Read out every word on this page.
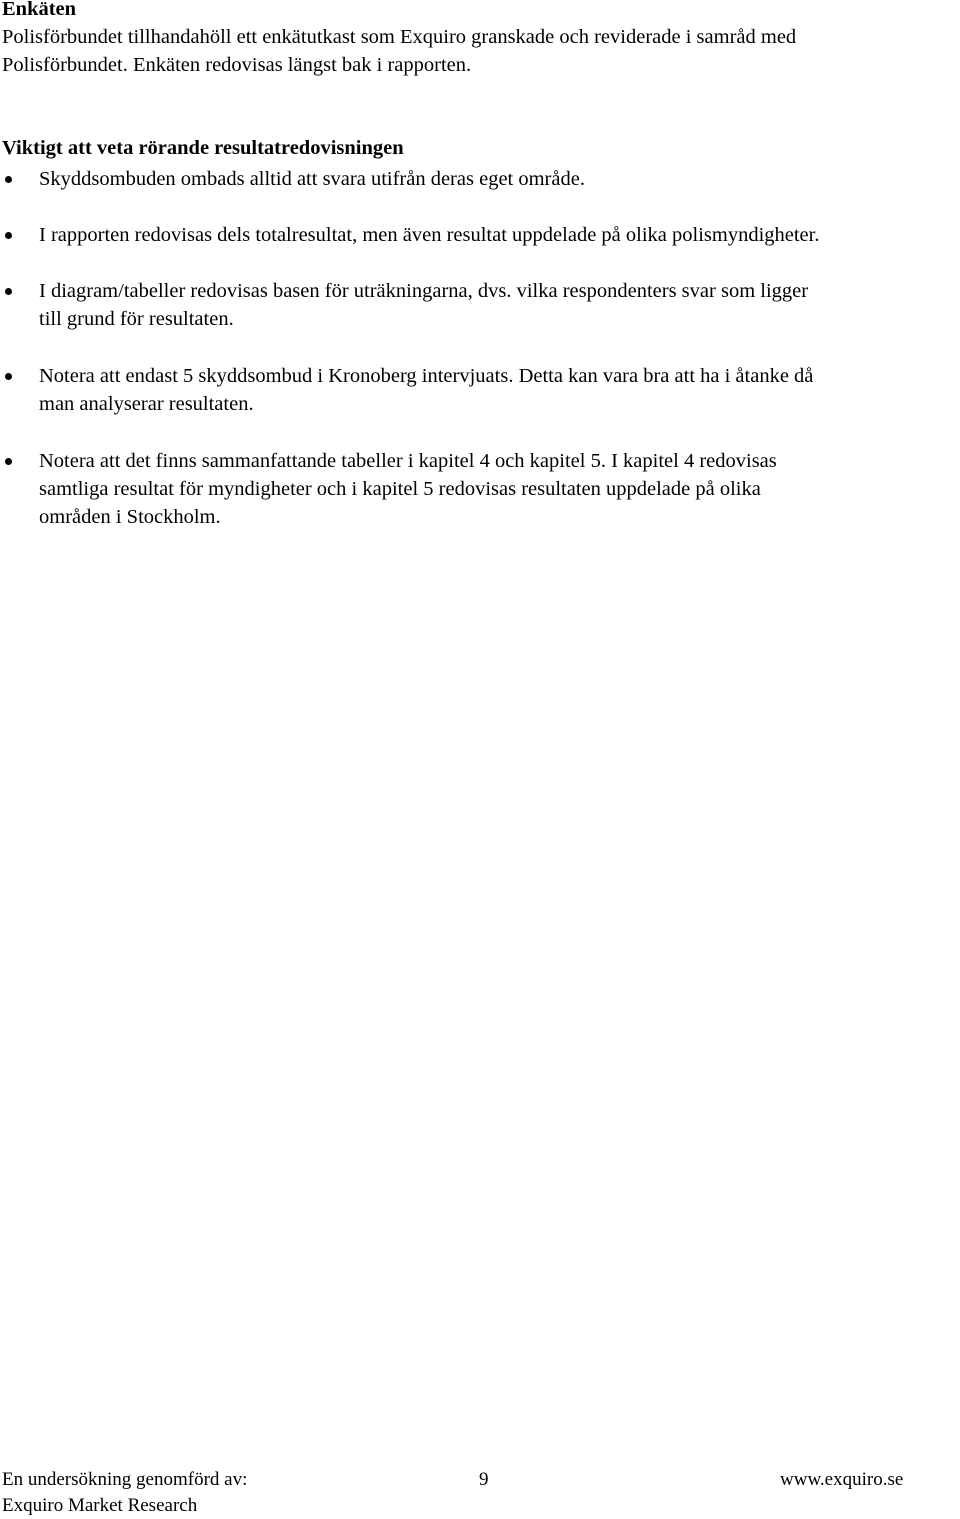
Enkäten
Polisförbundet tillhandahöll ett enkätutkast som Exquiro granskade och reviderade i samråd med
Polisförbundet. Enkäten redovisas längst bak i rapporten.
Viktigt att veta rörande resultatredovisningen
Skyddsombuden ombads alltid att svara utifrån deras eget område.
I rapporten redovisas dels totalresultat, men även resultat uppdelade på olika polismyndigheter.
I diagram/tabeller redovisas basen för uträkningarna, dvs. vilka respondenters svar som ligger
till grund för resultaten.
Notera att endast 5 skyddsombud i Kronoberg intervjuats. Detta kan vara bra att ha i åtanke då
man analyserar resultaten.
Notera att det finns sammanfattande tabeller i kapitel 4 och kapitel 5. I kapitel 4 redovisas
samtliga resultat för myndigheter och i kapitel 5 redovisas resultaten uppdelade på olika
områden i Stockholm.
En undersökning genomförd av:
Exquiro Market Research
9	www.exquiro.se
